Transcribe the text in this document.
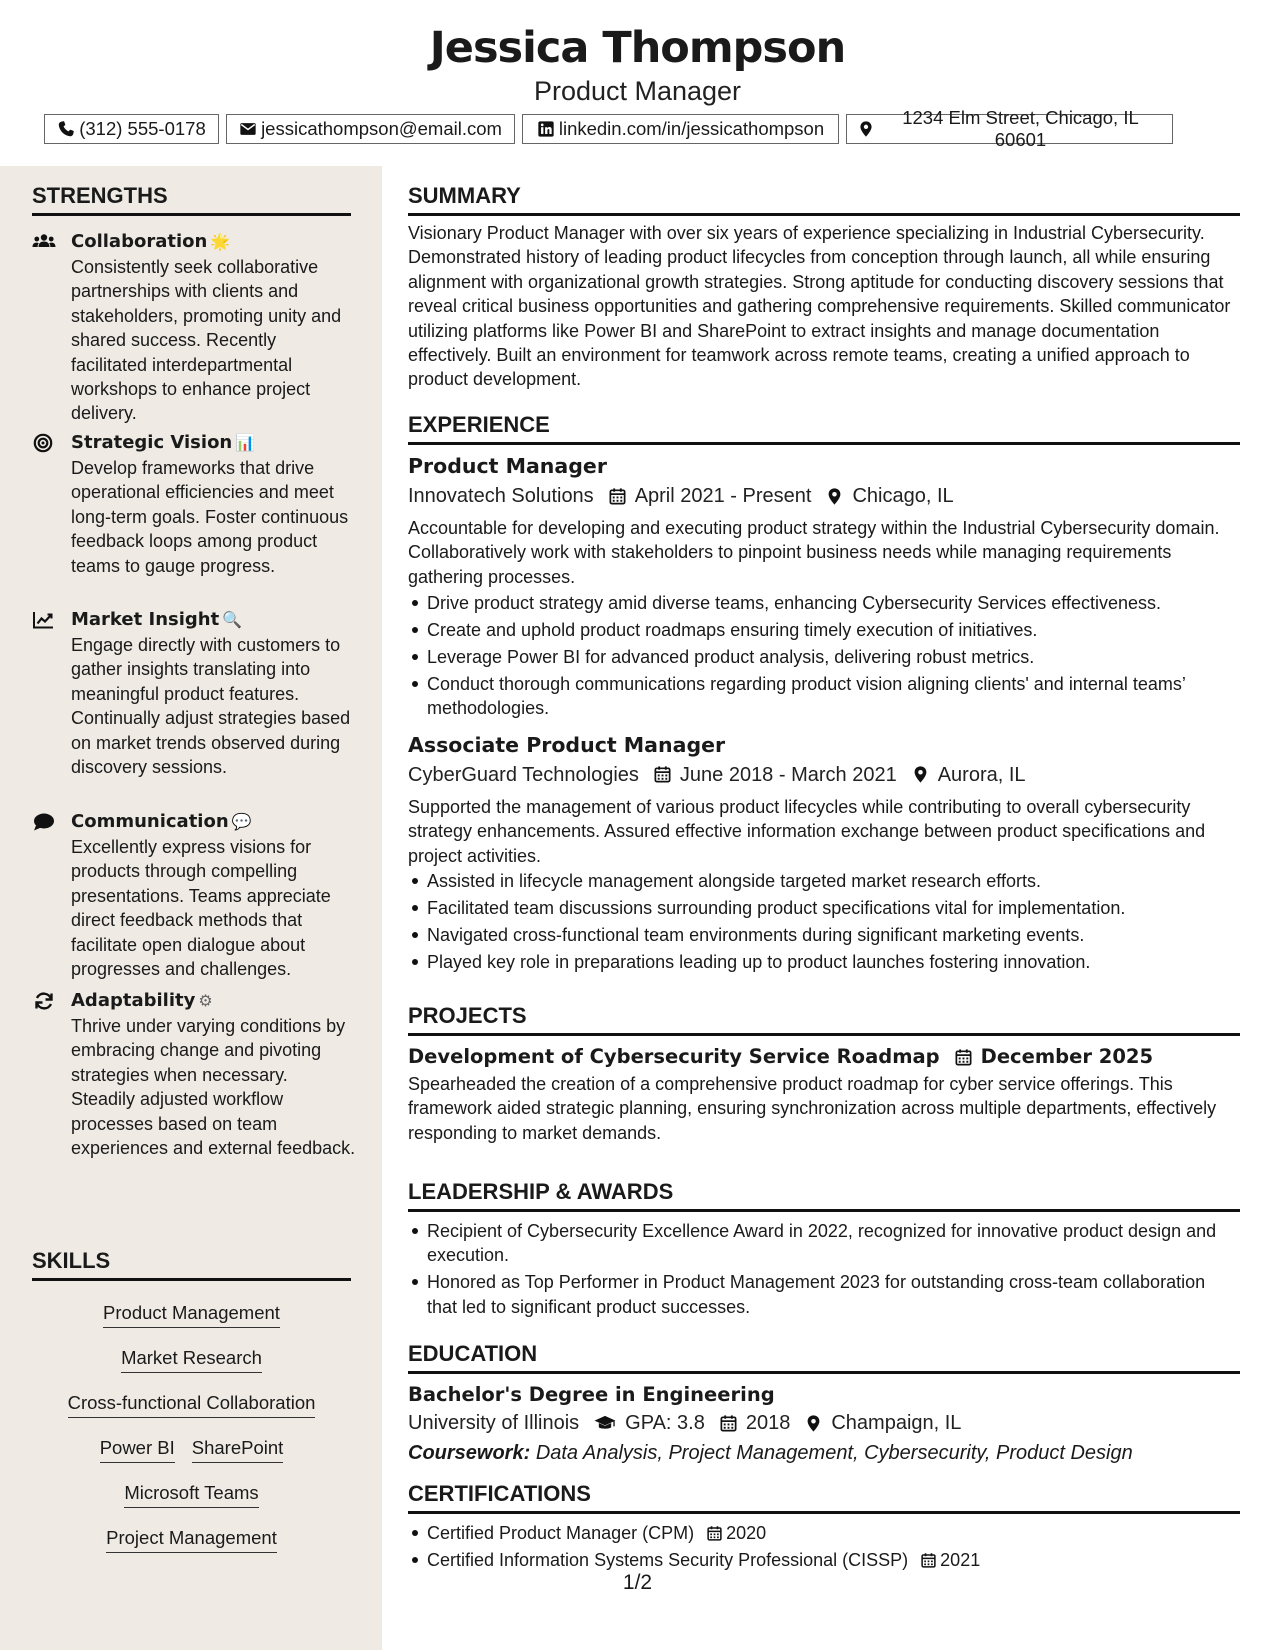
Jessica Thompson
Product Manager
(312) 555-0178	jessicathompson@email.com	linkedin.com/in/jessicathompson
1234 Elm Street, Chicago, IL 60601
STRENGTHS
Collaboration 🌟
Consistently seek collaborative partnerships with clients and stakeholders, promoting unity and shared success. Recently facilitated interdepartmental workshops to enhance project delivery.
Strategic Vision 📊
Develop frameworks that drive operational efficiencies and meet long-term goals. Foster continuous feedback loops among product teams to gauge progress.
Market Insight 🔍
Engage directly with customers to gather insights translating into meaningful product features. Continually adjust strategies based on market trends observed during discovery sessions.
Communication 💬
Excellently express visions for products through compelling presentations. Teams appreciate direct feedback methods that facilitate open dialogue about progresses and challenges.
Adaptability ⚙
Thrive under varying conditions by embracing change and pivoting strategies when necessary. Steadily adjusted workflow processes based on team experiences and external feedback.
SKILLS
Product Management
Market Research
Cross-functional Collaboration
Power BI SharePoint
Microsoft Teams
Project Management
SUMMARY
Visionary Product Manager with over six years of experience specializing in Industrial Cybersecurity. Demonstrated history of leading product lifecycles from conception through launch, all while ensuring alignment with organizational growth strategies. Strong aptitude for conducting discovery sessions that reveal critical business opportunities and gathering comprehensive requirements. Skilled communicator utilizing platforms like Power BI and SharePoint to extract insights and manage documentation effectively. Built an environment for teamwork across remote teams, creating a unified approach to product development.
EXPERIENCE
Product Manager
Innovatech Solutions April 2021 - Present Chicago, IL
Accountable for developing and executing product strategy within the Industrial Cybersecurity domain. Collaboratively work with stakeholders to pinpoint business needs while managing requirements gathering processes.
Drive product strategy amid diverse teams, enhancing Cybersecurity Services effectiveness.
Create and uphold product roadmaps ensuring timely execution of initiatives.
Leverage Power BI for advanced product analysis, delivering robust metrics.
Conduct thorough communications regarding product vision aligning clients' and internal teams’ methodologies.
Associate Product Manager
CyberGuard Technologies June 2018 - March 2021 Aurora, IL
Supported the management of various product lifecycles while contributing to overall cybersecurity strategy enhancements. Assured effective information exchange between product specifications and project activities.
Assisted in lifecycle management alongside targeted market research efforts.
Facilitated team discussions surrounding product specifications vital for implementation.
Navigated cross-functional team environments during significant marketing events.
Played key role in preparations leading up to product launches fostering innovation.
PROJECTS
Development of Cybersecurity Service Roadmap December 2025
Spearheaded the creation of a comprehensive product roadmap for cyber service offerings. This framework aided strategic planning, ensuring synchronization across multiple departments, effectively responding to market demands.
LEADERSHIP & AWARDS
Recipient of Cybersecurity Excellence Award in 2022, recognized for innovative product design and execution.
Honored as Top Performer in Product Management 2023 for outstanding cross-team collaboration that led to significant product successes.
EDUCATION
Bachelor's Degree in Engineering
University of Illinois GPA: 3.8 2018 Champaign, IL
Coursework: Data Analysis, Project Management, Cybersecurity, Product Design
CERTIFICATIONS
Certified Product Manager (CPM) 2020
Certified Information Systems Security Professional (CISSP) 2021
1/2
